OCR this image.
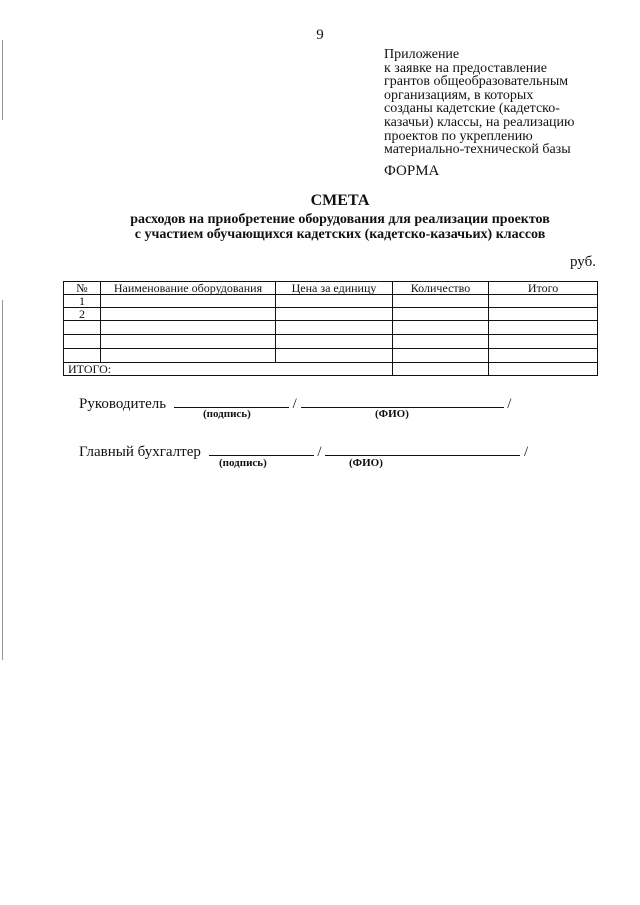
9
Приложение
к заявке на предоставление
грантов общеобразовательным
организациям, в которых
созданы кадетские (кадетско-
казачьи) классы, на реализацию
проектов по укреплению
материально-технической базы
ФОРМА
СМЕТА
расходов на приобретение оборудования для реализации проектов
с участием обучающихся кадетских (кадетско-казачьих) классов
руб.
№	Наименование оборудования	Цена за единицу	Количество	Итого
1				
2				

ИТОГО:				
Руководитель	/	/
(подпись)	(ФИО)
Главный бухгалтер	/	/
(подпись)	(ФИО)
